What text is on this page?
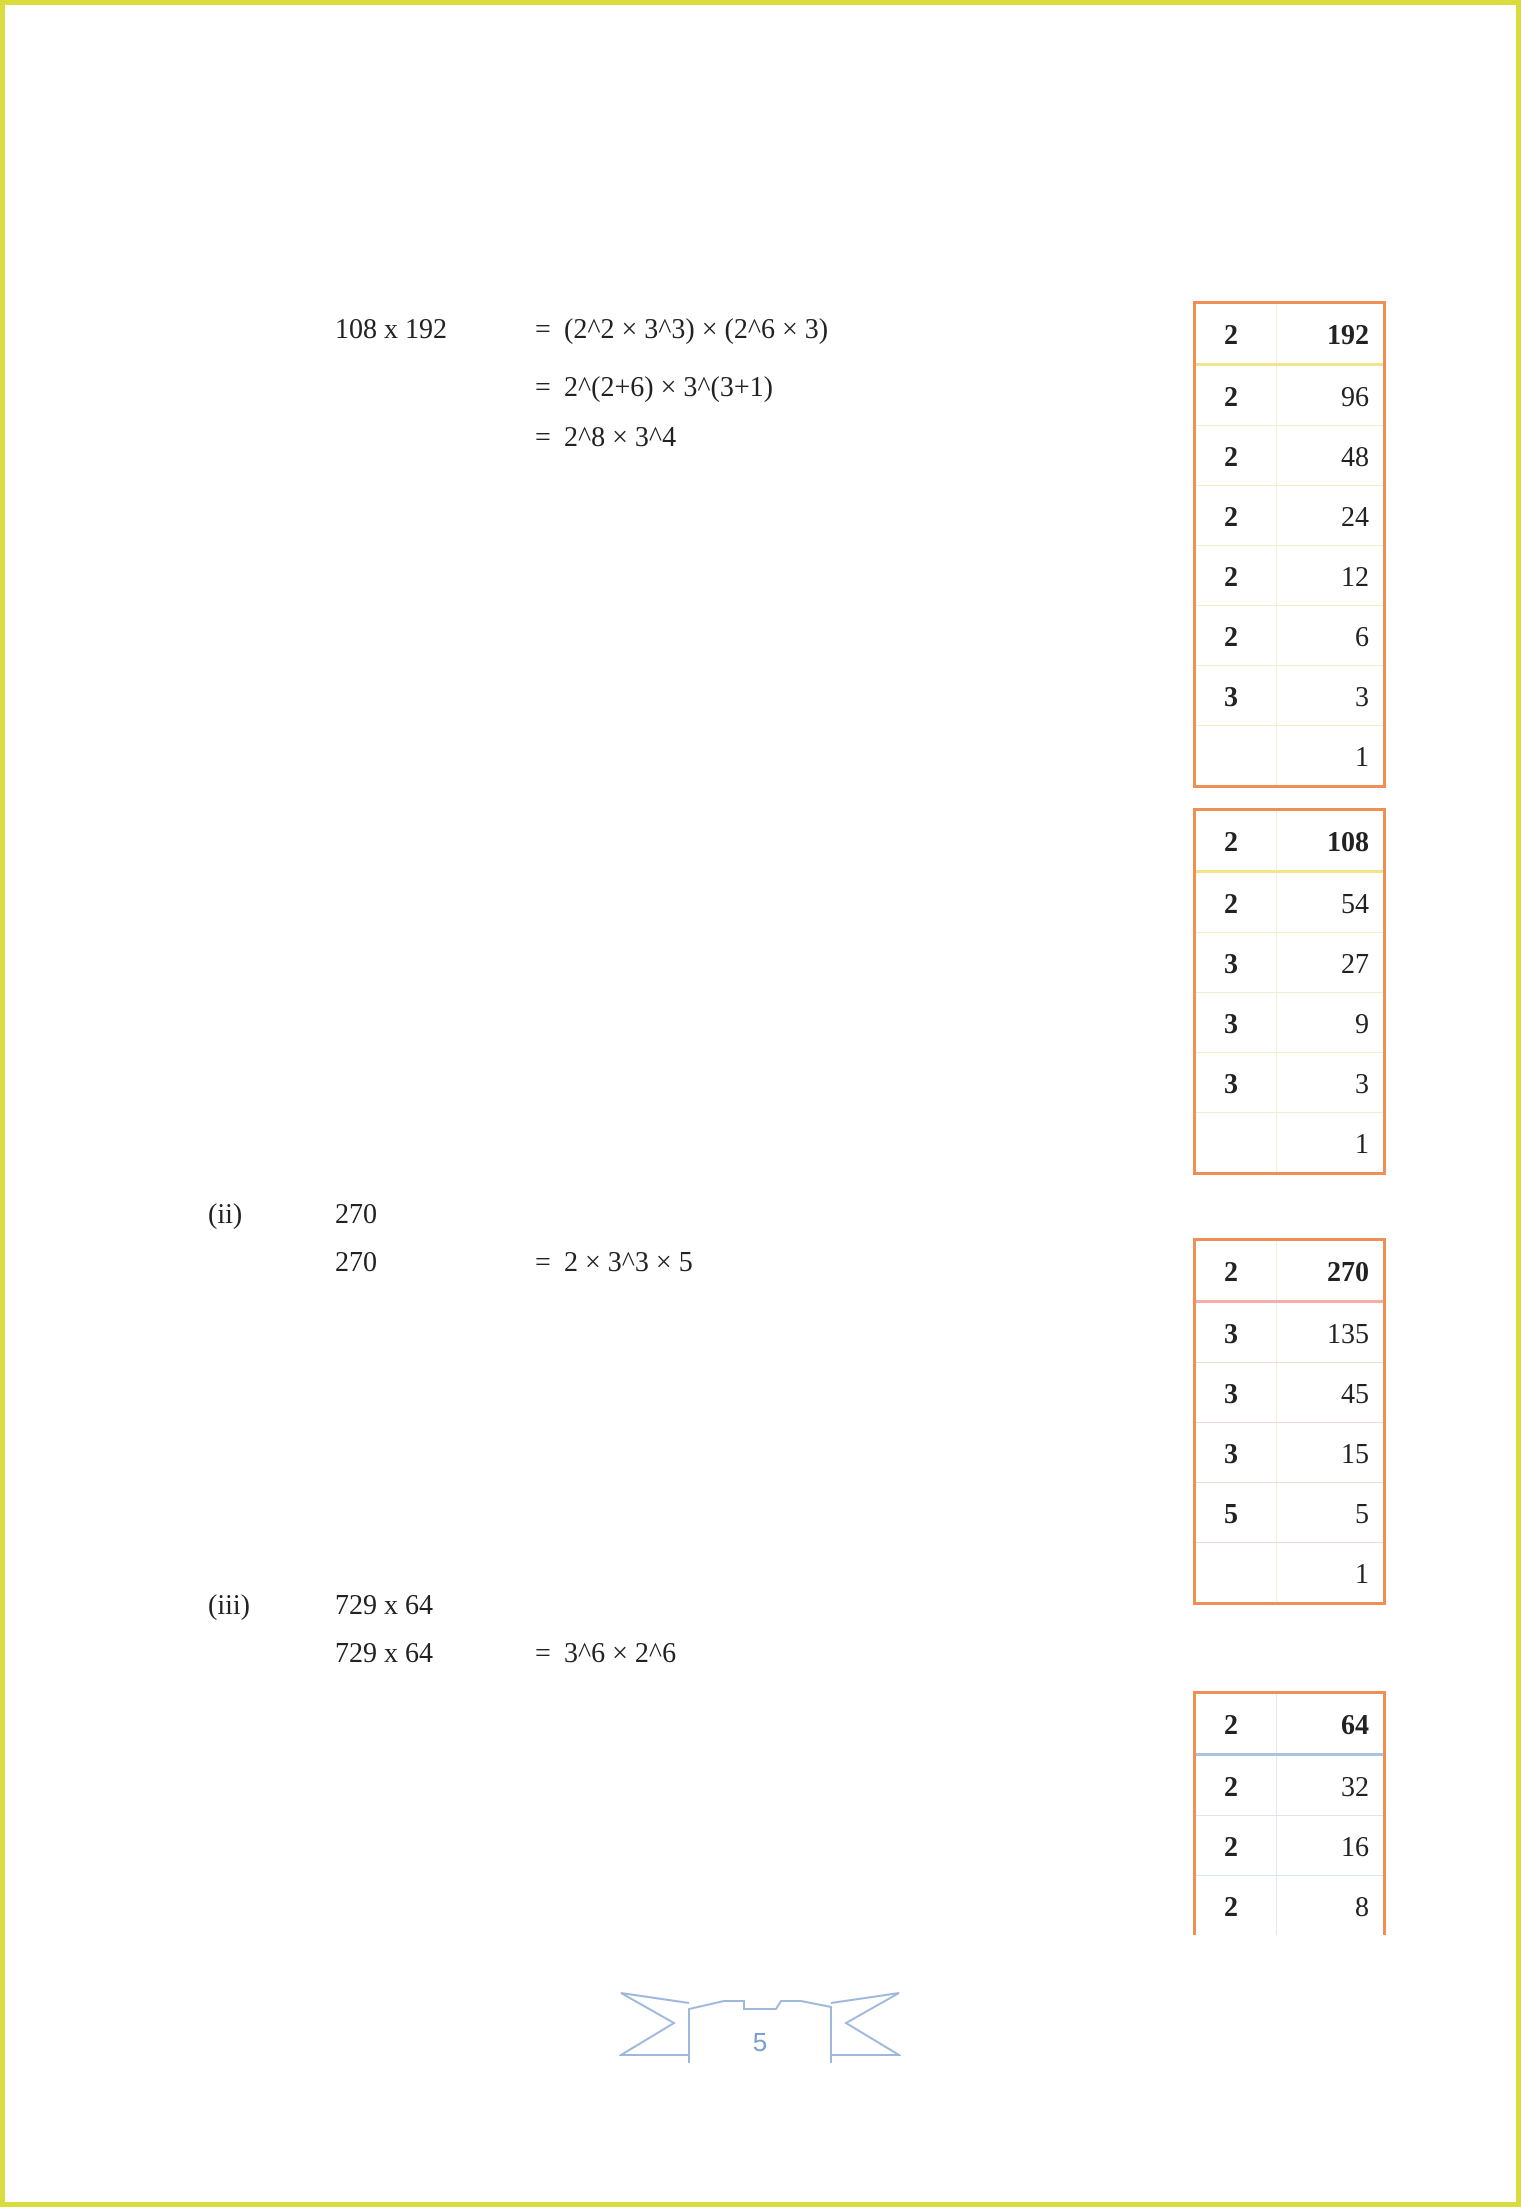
108 x 192	= (2^2 × 3^3) × (2^6 × 3)
= 2^(2+6) × 3^(3+1)
= 2^8 × 3^4
(ii)	270
270	= 2 × 3^3 × 5
(iii)	729 x 64
729 x 64	= 3^6 × 2^6
2	192
2	96
2	48
2	24
2	12
2	6
3	3
1
2	108
2	54
3	27
3	9
3	3
1
2	270
3	135
3	45
3	15
5	5
1
2	64
2	32
2	16
2	8
5
